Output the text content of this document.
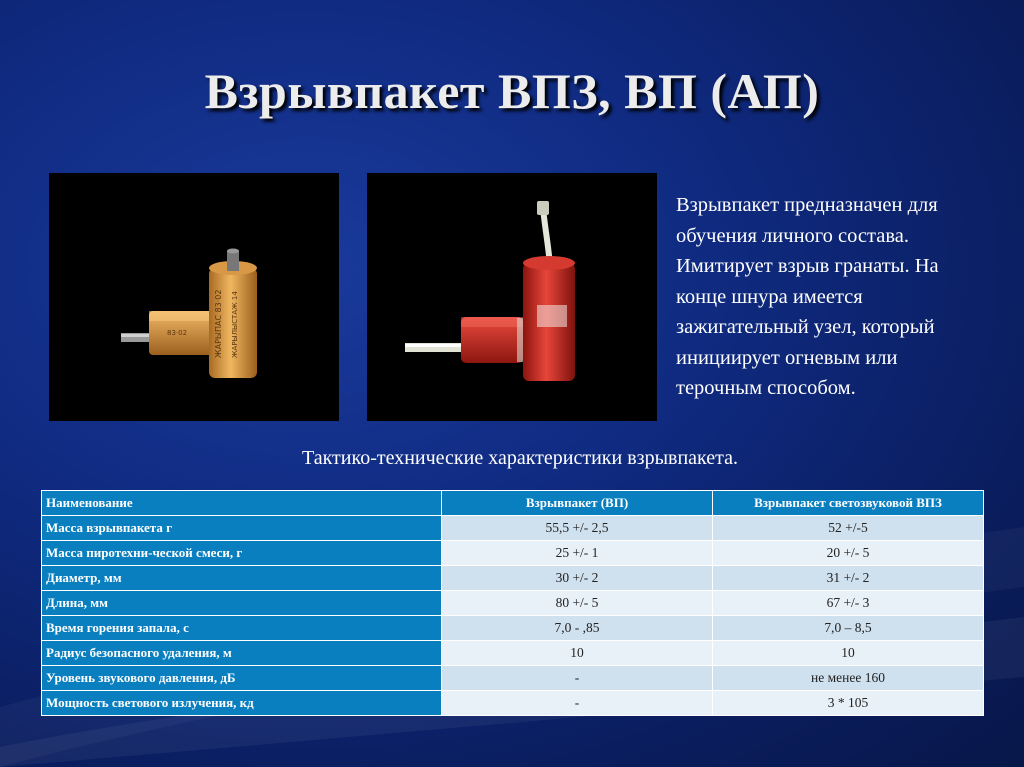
Взрывпакет ВПЗ, ВП (АП)
ЖАРЫПАС 83·02 ЖАРЫЛЫСТАЖ 14
83·02
Взрывпакет предназначен для
обучения личного состава.
Имитирует взрыв гранаты. На
конце шнура имеется
зажигательный узел, который
инициирует огневым или
терочным способом.
Тактико-технические характеристики взрывпакета.
Наименование	Взрывпакет (ВП)	Взрывпакет светозвуковой ВПЗ
Масса взрывпакета г	55,5 +/- 2,5	52 +/-5
Масса пиротехни-ческой смеси, г	25 +/- 1	20 +/- 5
Диаметр, мм	30 +/- 2	31 +/- 2
Длина, мм	80 +/- 5	67 +/- 3
Время горения запала, с	7,0 - ,85	7,0 – 8,5
Радиус безопасного удаления, м	10	10
Уровень звукового давления, дБ	-	не менее 160
Мощность светового излучения, кд	-	3 * 105
